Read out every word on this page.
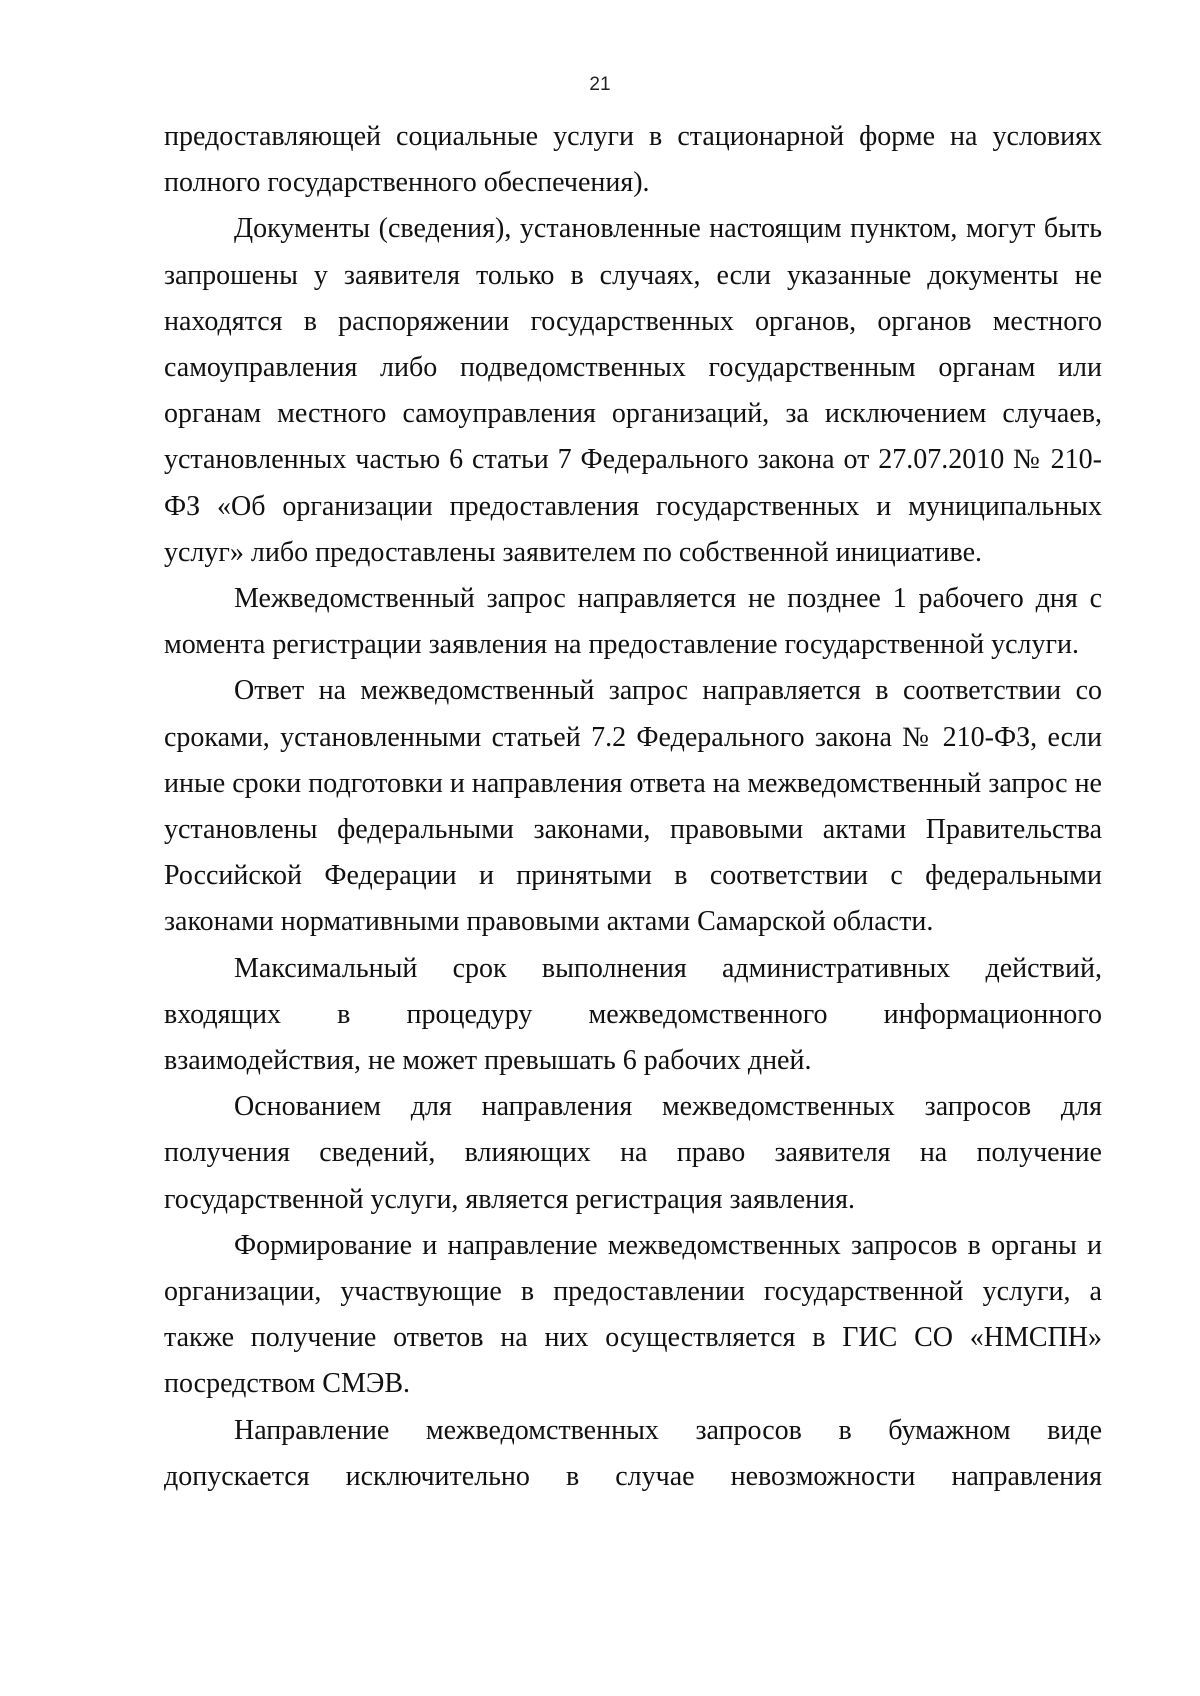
21

предоставляющей социальные услуги в стационарной форме на условиях полного государственного обеспечения).

Документы (сведения), установленные настоящим пунктом, могут быть запрошены у заявителя только в случаях, если указанные документы не находятся в распоряжении государственных органов, органов местного самоуправления либо подведомственных государственным органам или органам местного самоуправления организаций, за исключением случаев, установленных частью 6 статьи 7 Федерального закона от 27.07.2010 № 210-ФЗ «Об организации предоставления государственных и муниципальных услуг» либо предоставлены заявителем по собственной инициативе.

Межведомственный запрос направляется не позднее 1 рабочего дня с момента регистрации заявления на предоставление государственной услуги.

Ответ на межведомственный запрос направляется в соответствии со сроками, установленными статьей 7.2 Федерального закона № 210-ФЗ, если иные сроки подготовки и направления ответа на межведомственный запрос не установлены федеральными законами, правовыми актами Правительства Российской Федерации и принятыми в соответствии с федеральными законами нормативными правовыми актами Самарской области.

Максимальный срок выполнения административных действий, входящих в процедуру межведомственного информационного взаимодействия, не может превышать 6 рабочих дней.

Основанием для направления межведомственных запросов для получения сведений, влияющих на право заявителя на получение государственной услуги, является регистрация заявления.

Формирование и направление межведомственных запросов в органы и организации, участвующие в предоставлении государственной услуги, а также получение ответов на них осуществляется в ГИС СО «НМСПН» посредством СМЭВ.

Направление межведомственных запросов в бумажном виде допускается исключительно в случае невозможности направления
